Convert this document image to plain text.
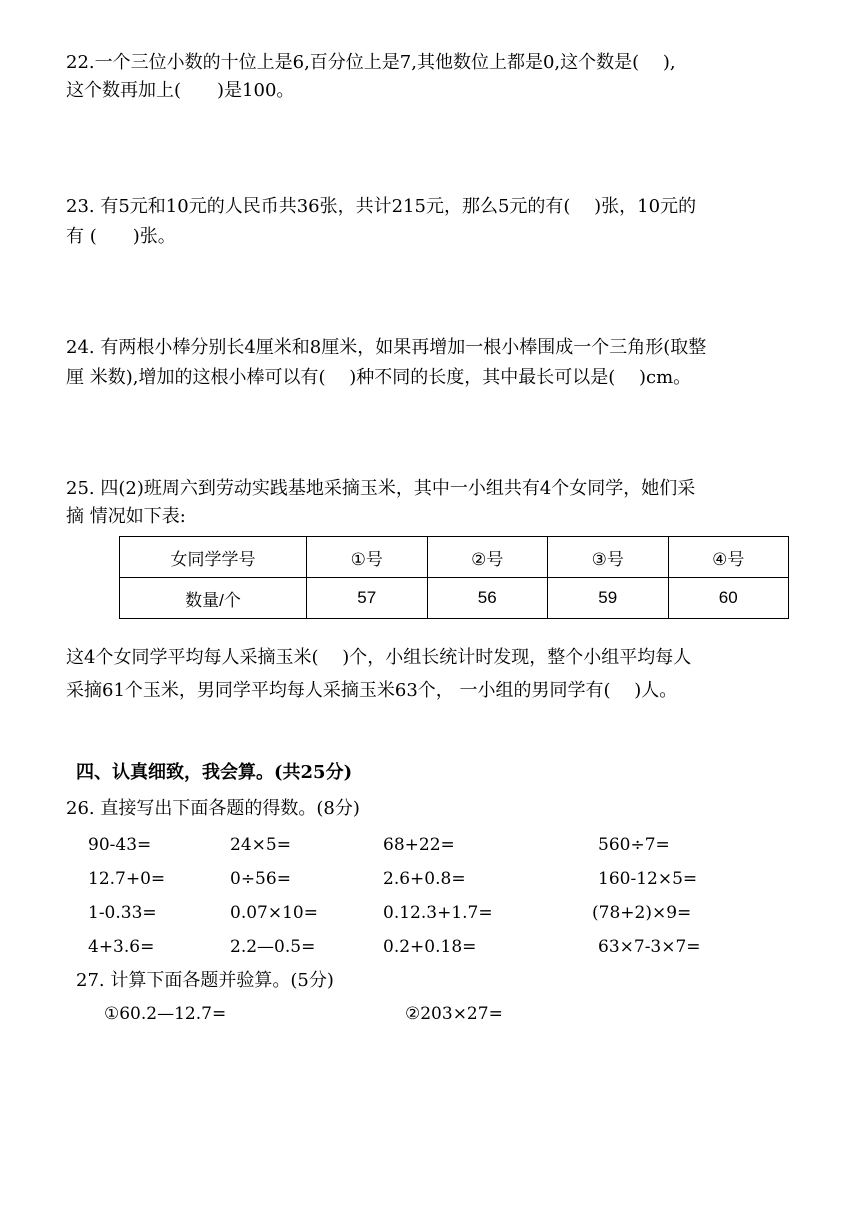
22.一个三位小数的十位上是6,百分位上是7,其他数位上都是0,这个数是(　 ),
这个数再加上(　　)是100。
23. 有5元和10元的人民币共36张，共计215元，那么5元的有(　 )张，10元的
有 (　　)张。
24. 有两根小棒分别长4厘米和8厘米，如果再增加一根小棒围成一个三角形(取整
厘 米数),增加的这根小棒可以有(　 )种不同的长度，其中最长可以是(　 )cm。
25. 四(2)班周六到劳动实践基地采摘玉米，其中一小组共有4个女同学，她们采
摘 情况如下表:
女同学学号	①号	②号	③号	④号
数量/个	57	56	59	60
这4个女同学平均每人采摘玉米(　 )个，小组长统计时发现，整个小组平均每人
采摘61个玉米，男同学平均每人采摘玉米63个， 一小组的男同学有(　 )人。
四、认真细致，我会算。(共25分)
26. 直接写出下面各题的得数。(8分)
90-43=	24×5=	68+22=	560÷7=
12.7+0=	0÷56=	2.6+0.8=	160-12×5=
1-0.33=	0.07×10=	0.12.3+1.7=	(78+2)×9=
4+3.6=	2.2—0.5=	0.2+0.18=	63×7-3×7=
27. 计算下面各题并验算。(5分)
①60.2—12.7=	②203×27=
